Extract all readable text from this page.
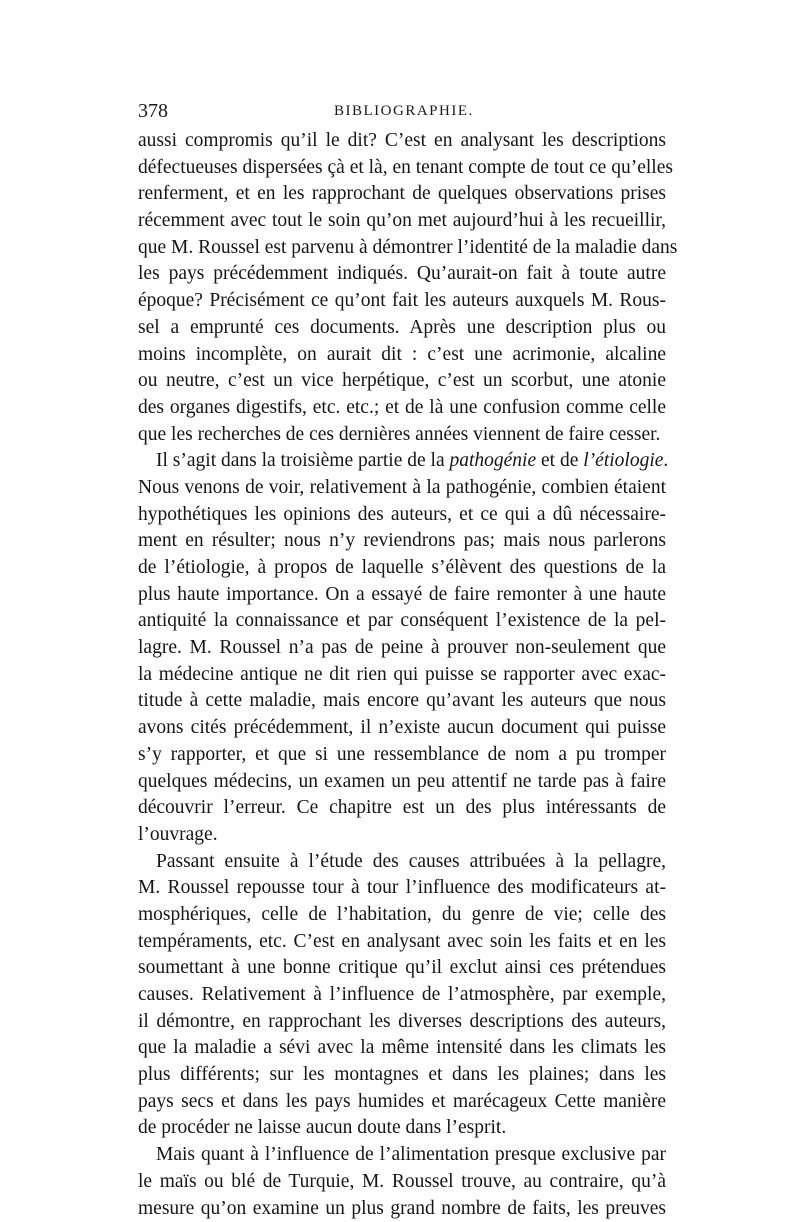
378	BIBLIOGRAPHIE.
aussi compromis qu’il le dit? C’est en analysant les descriptions
défectueuses dispersées çà et là, en tenant compte de tout ce qu’elles
renferment, et en les rapprochant de quelques observations prises
récemment avec tout le soin qu’on met aujourd’hui à les recueillir,
que M. Roussel est parvenu à démontrer l’identité de la maladie dans
les pays précédemment indiqués. Qu’aurait-on fait à toute autre
époque? Précisément ce qu’ont fait les auteurs auxquels M. Rous-
sel a emprunté ces documents. Après une description plus ou
moins incomplète, on aurait dit : c’est une acrimonie, alcaline
ou neutre, c’est un vice herpétique, c’est un scorbut, une atonie
des organes digestifs, etc. etc.; et de là une confusion comme celle
que les recherches de ces dernières années viennent de faire cesser.
Il s’agit dans la troisième partie de la pathogénie et de l’étiologie.
Nous venons de voir, relativement à la pathogénie, combien étaient
hypothétiques les opinions des auteurs, et ce qui a dû nécessaire-
ment en résulter; nous n’y reviendrons pas; mais nous parlerons
de l’étiologie, à propos de laquelle s’élèvent des questions de la
plus haute importance. On a essayé de faire remonter à une haute
antiquité la connaissance et par conséquent l’existence de la pel-
lagre. M. Roussel n’a pas de peine à prouver non-seulement que
la médecine antique ne dit rien qui puisse se rapporter avec exac-
titude à cette maladie, mais encore qu’avant les auteurs que nous
avons cités précédemment, il n’existe aucun document qui puisse
s’y rapporter, et que si une ressemblance de nom a pu tromper
quelques médecins, un examen un peu attentif ne tarde pas à faire
découvrir l’erreur. Ce chapitre est un des plus intéressants de
l’ouvrage.
Passant ensuite à l’étude des causes attribuées à la pellagre,
M. Roussel repousse tour à tour l’influence des modificateurs at-
mosphériques, celle de l’habitation, du genre de vie; celle des
tempéraments, etc. C’est en analysant avec soin les faits et en les
soumettant à une bonne critique qu’il exclut ainsi ces prétendues
causes. Relativement à l’influence de l’atmosphère, par exemple,
il démontre, en rapprochant les diverses descriptions des auteurs,
que la maladie a sévi avec la même intensité dans les climats les
plus différents; sur les montagnes et dans les plaines; dans les
pays secs et dans les pays humides et marécageux Cette manière
de procéder ne laisse aucun doute dans l’esprit.
Mais quant à l’influence de l’alimentation presque exclusive par
le maïs ou blé de Turquie, M. Roussel trouve, au contraire, qu’à
mesure qu’on examine un plus grand nombre de faits, les preuves
